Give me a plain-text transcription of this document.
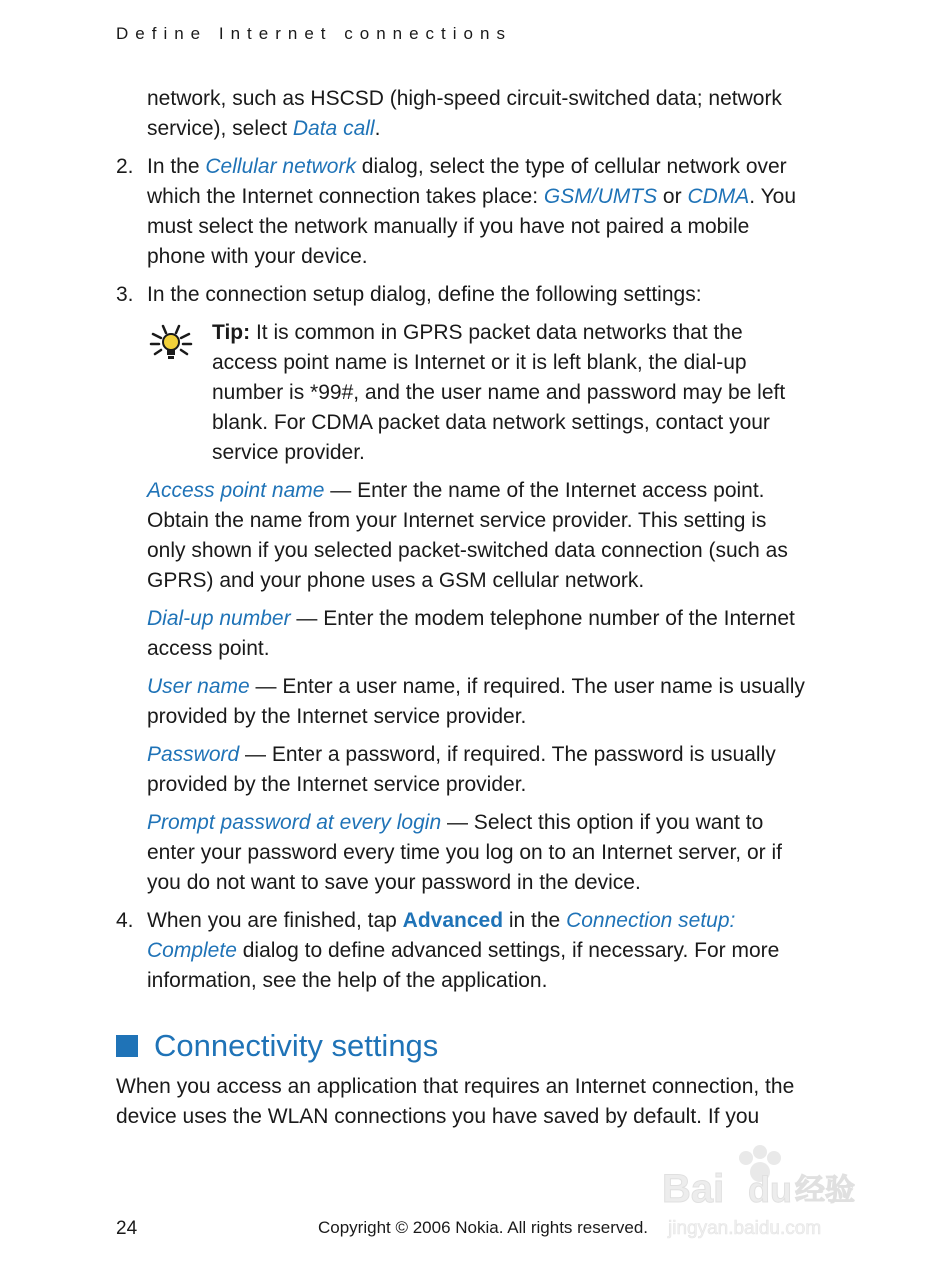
Define Internet connections

network, such as HSCSD (high-speed circuit-switched data; network service), select Data call.

2. In the Cellular network dialog, select the type of cellular network over which the Internet connection takes place: GSM/UMTS or CDMA. You must select the network manually if you have not paired a mobile phone with your device.
3. In the connection setup dialog, define the following settings:
Tip: It is common in GPRS packet data networks that the access point name is Internet or it is left blank, the dial-up number is *99#, and the user name and password may be left blank. For CDMA packet data network settings, contact your service provider.
Access point name — Enter the name of the Internet access point. Obtain the name from your Internet service provider. This setting is only shown if you selected packet-switched data connection (such as GPRS) and your phone uses a GSM cellular network.
Dial-up number — Enter the modem telephone number of the Internet access point.
User name — Enter a user name, if required. The user name is usually provided by the Internet service provider.
Password — Enter a password, if required. The password is usually provided by the Internet service provider.
Prompt password at every login — Select this option if you want to enter your password every time you log on to an Internet server, or if you do not want to save your password in the device.
4. When you are finished, tap Advanced in the Connection setup: Complete dialog to define advanced settings, if necessary. For more information, see the help of the application.
Connectivity settings

When you access an application that requires an Internet connection, the device uses the WLAN connections you have saved by default. If you

Bai du 经验
jingyan.baidu.com
24	Copyright © 2006 Nokia. All rights reserved.
